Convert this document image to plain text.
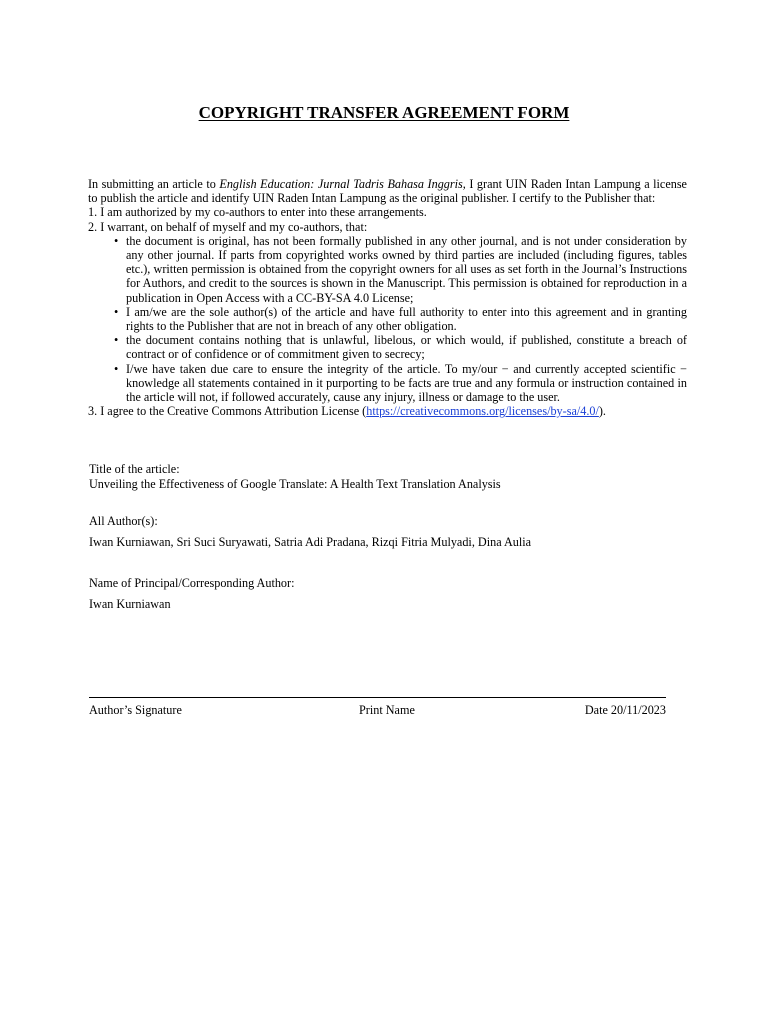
COPYRIGHT TRANSFER AGREEMENT FORM
In submitting an article to English Education: Jurnal Tadris Bahasa Inggris, I grant UIN Raden Intan Lampung a license to publish the article and identify UIN Raden Intan Lampung as the original publisher. I certify to the Publisher that:

1. I am authorized by my co-authors to enter into these arrangements.

2. I warrant, on behalf of myself and my co-authors, that:

• the document is original, has not been formally published in any other journal, and is not under consideration by any other journal. If parts from copyrighted works owned by third parties are included (including figures, tables etc.), written permission is obtained from the copyright owners for all uses as set forth in the Journal’s Instructions for Authors, and credit to the sources is shown in the Manuscript. This permission is obtained for reproduction in a publication in Open Access with a CC-BY-SA 4.0 License;
• I am/we are the sole author(s) of the article and have full authority to enter into this agreement and in granting rights to the Publisher that are not in breach of any other obligation.
• the document contains nothing that is unlawful, libelous, or which would, if published, constitute a breach of contract or of confidence or of commitment given to secrecy;
• I/we have taken due care to ensure the integrity of the article. To my/our − and currently accepted scientific − knowledge all statements contained in it purporting to be facts are true and any formula or instruction contained in the article will not, if followed accurately, cause any injury, illness or damage to the user.

3. I agree to the Creative Commons Attribution License (https://creativecommons.org/licenses/by-sa/4.0/).

Title of the article:
Unveiling the Effectiveness of Google Translate: A Health Text Translation Analysis
All Author(s):
Iwan Kurniawan, Sri Suci Suryawati, Satria Adi Pradana, Rizqi Fitria Mulyadi, Dina Aulia
Name of Principal/Corresponding Author:
Iwan Kurniawan
Author’s Signature	Print Name	Date 20/11/2023
